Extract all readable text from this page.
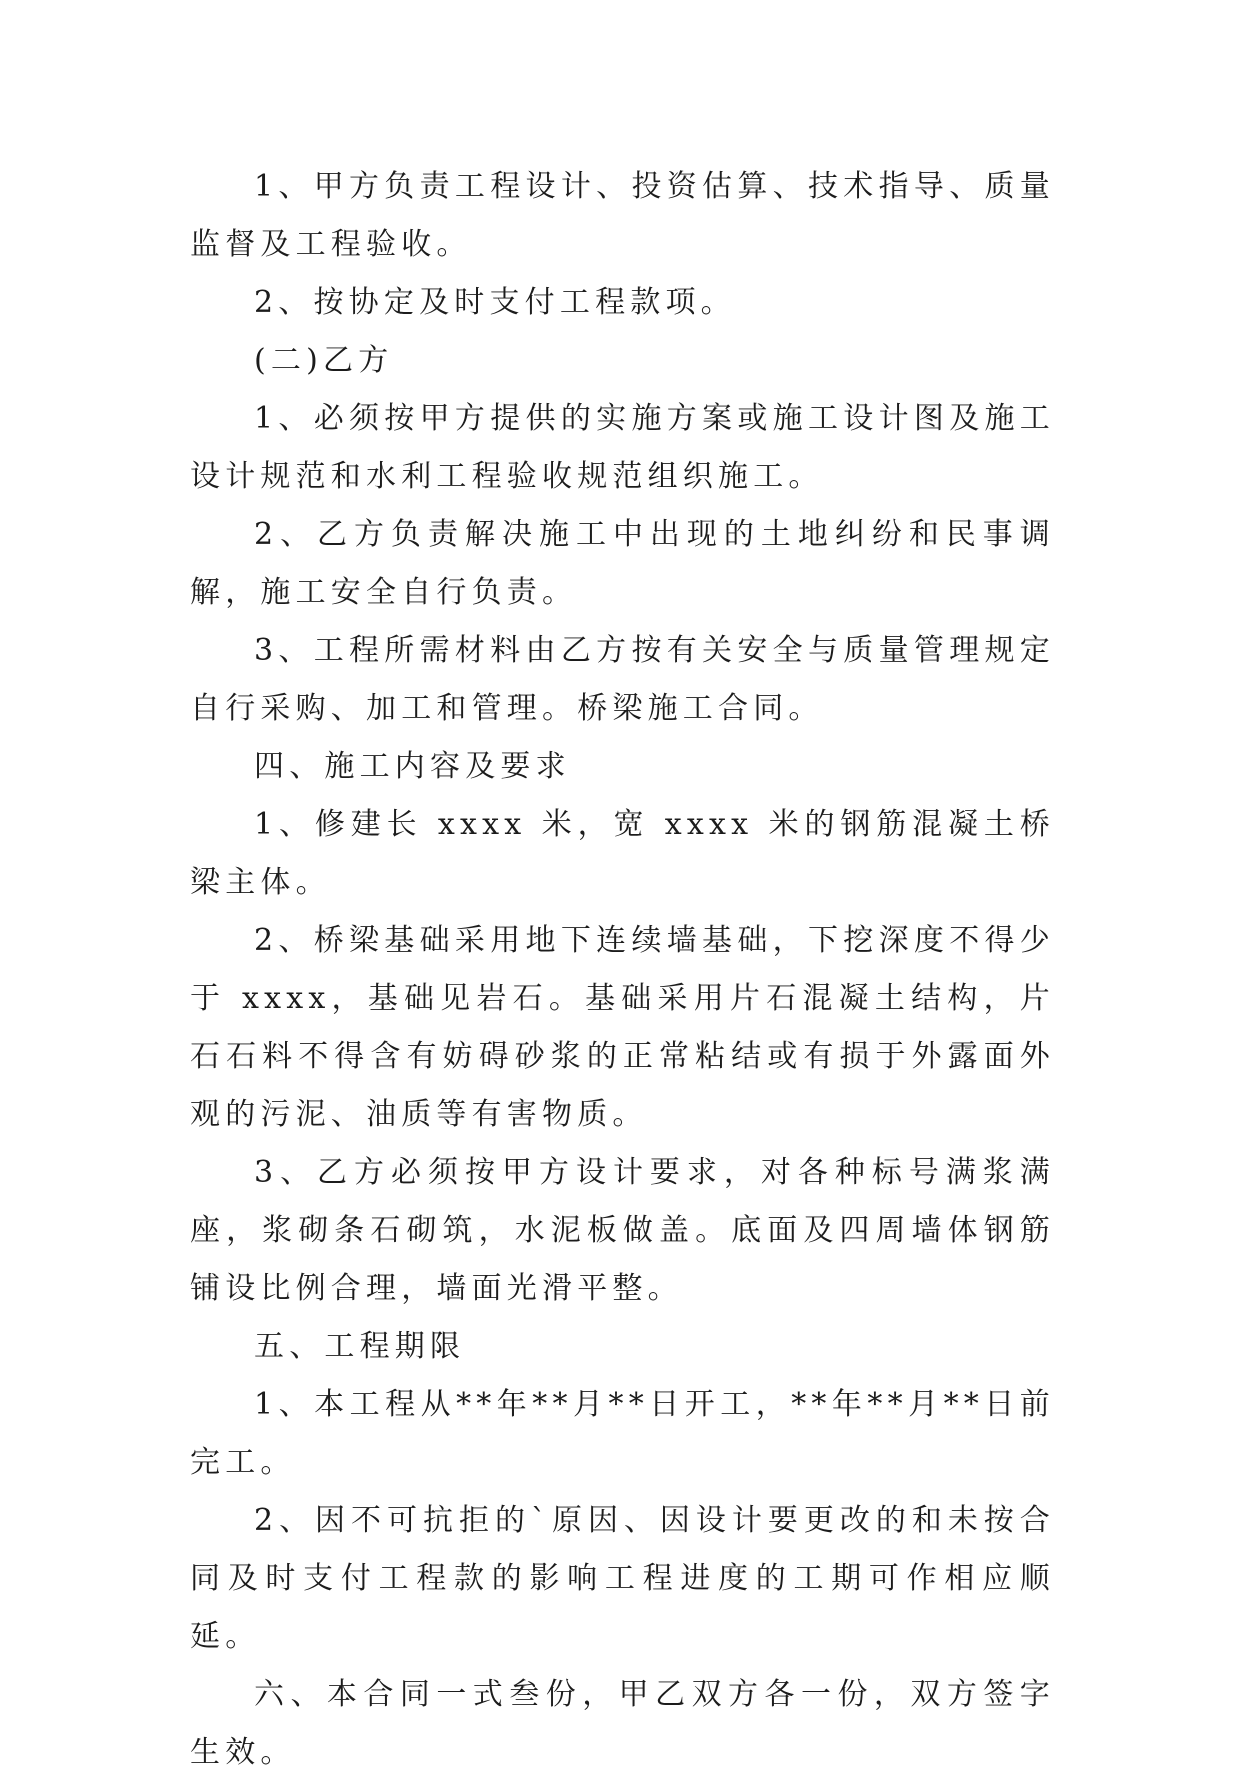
1、甲方负责工程设计、投资估算、技术指导、质量监督及工程验收。

2、按协定及时支付工程款项。

(二)乙方

1、必须按甲方提供的实施方案或施工设计图及施工设计规范和水利工程验收规范组织施工。

2、乙方负责解决施工中出现的土地纠纷和民事调解，施工安全自行负责。

3、工程所需材料由乙方按有关安全与质量管理规定自行采购、加工和管理。桥梁施工合同。

四、施工内容及要求

1、修建长 xxxx 米，宽 xxxx 米的钢筋混凝土桥梁主体。

2、桥梁基础采用地下连续墙基础，下挖深度不得少于 xxxx，基础见岩石。基础采用片石混凝土结构，片石石料不得含有妨碍砂浆的正常粘结或有损于外露面外观的污泥、油质等有害物质。

3、乙方必须按甲方设计要求，对各种标号满浆满座，浆砌条石砌筑，水泥板做盖。底面及四周墙体钢筋铺设比例合理，墙面光滑平整。

五、工程期限

1、本工程从**年**月**日开工，**年**月**日前完工。

2、因不可抗拒的`原因、因设计要更改的和未按合同及时支付工程款的影响工程进度的工期可作相应顺延。

六、本合同一式叁份，甲乙双方各一份，双方签字生效。
